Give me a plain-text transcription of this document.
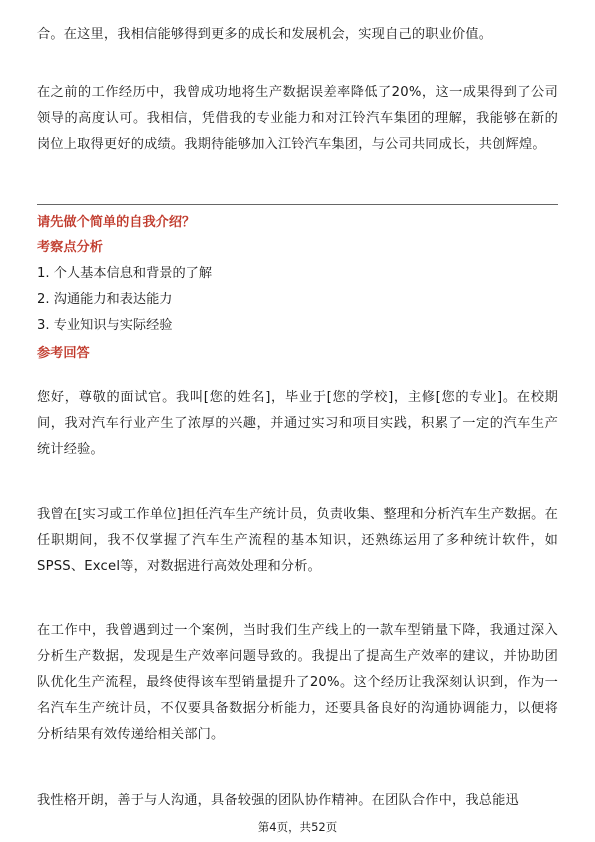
合。在这里，我相信能够得到更多的成长和发展机会，实现自己的职业价值。

在之前的工作经历中，我曾成功地将生产数据误差率降低了20%，这一成果得到了公司领导的高度认可。我相信，凭借我的专业能力和对江铃汽车集团的理解，我能够在新的岗位上取得更好的成绩。我期待能够加入江铃汽车集团，与公司共同成长，共创辉煌。

请先做个简单的自我介绍？

考察点分析

1. 个人基本信息和背景的了解

2. 沟通能力和表达能力

3. 专业知识与实际经验

参考回答

您好，尊敬的面试官。我叫[您的姓名]，毕业于[您的学校]，主修[您的专业]。在校期间，我对汽车行业产生了浓厚的兴趣，并通过实习和项目实践，积累了一定的汽车生产统计经验。

我曾在[实习或工作单位]担任汽车生产统计员，负责收集、整理和分析汽车生产数据。在任职期间，我不仅掌握了汽车生产流程的基本知识，还熟练运用了多种统计软件，如SPSS、Excel等，对数据进行高效处理和分析。

在工作中，我曾遇到过一个案例，当时我们生产线上的一款车型销量下降，我通过深入分析生产数据，发现是生产效率问题导致的。我提出了提高生产效率的建议，并协助团队优化生产流程，最终使得该车型销量提升了20%。这个经历让我深刻认识到，作为一名汽车生产统计员，不仅要具备数据分析能力，还要具备良好的沟通协调能力，以便将分析结果有效传递给相关部门。

我性格开朗，善于与人沟通，具备较强的团队协作精神。在团队合作中，我总能迅

第4页，共52页
